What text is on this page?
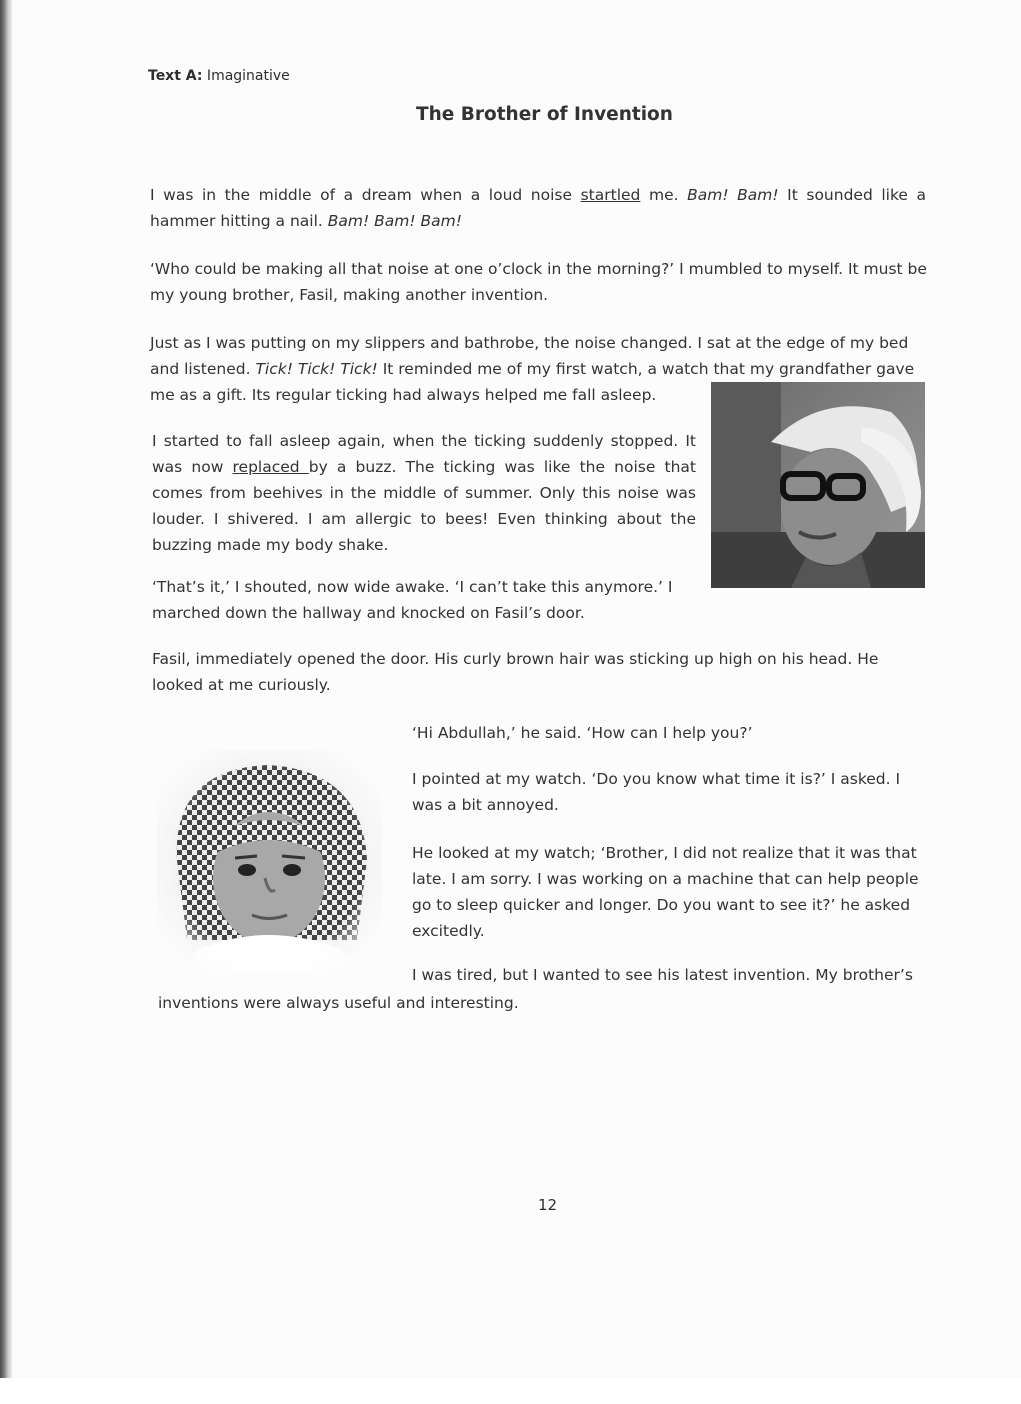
Text A: Imaginative
The Brother of Invention

I was in the middle of a dream when a loud noise startled me. Bam! Bam! It sounded like a hammer hitting a nail. Bam! Bam! Bam!

‘Who could be making all that noise at one o’clock in the morning?’ I mumbled to myself. It must be my young brother, Fasil, making another invention.

Just as I was putting on my slippers and bathrobe, the noise changed. I sat at the edge of my bed and listened. Tick! Tick! Tick! It reminded me of my first watch, a watch that my grandfather gave

me as a gift. Its regular ticking had always helped me fall asleep.

I started to fall asleep again, when the ticking suddenly stopped. It was now replaced by a buzz. The ticking was like the noise that comes from beehives in the middle of summer. Only this noise was louder. I shivered. I am allergic to bees! Even thinking about the buzzing made my body shake.

‘That’s it,’ I shouted, now wide awake. ‘I can’t take this anymore.’ I marched down the hallway and knocked on Fasil’s door.

Fasil, immediately opened the door. His curly brown hair was sticking up high on his head. He looked at me curiously.

‘Hi Abdullah,’ he said. ‘How can I help you?’

I pointed at my watch. ‘Do you know what time it is?’ I asked. I was a bit annoyed.

He looked at my watch; ‘Brother, I did not realize that it was that late. I am sorry. I was working on a machine that can help people go to sleep quicker and longer. Do you want to see it?’ he asked excitedly.

I was tired, but I wanted to see his latest invention. My brother’s

inventions were always useful and interesting.

12
